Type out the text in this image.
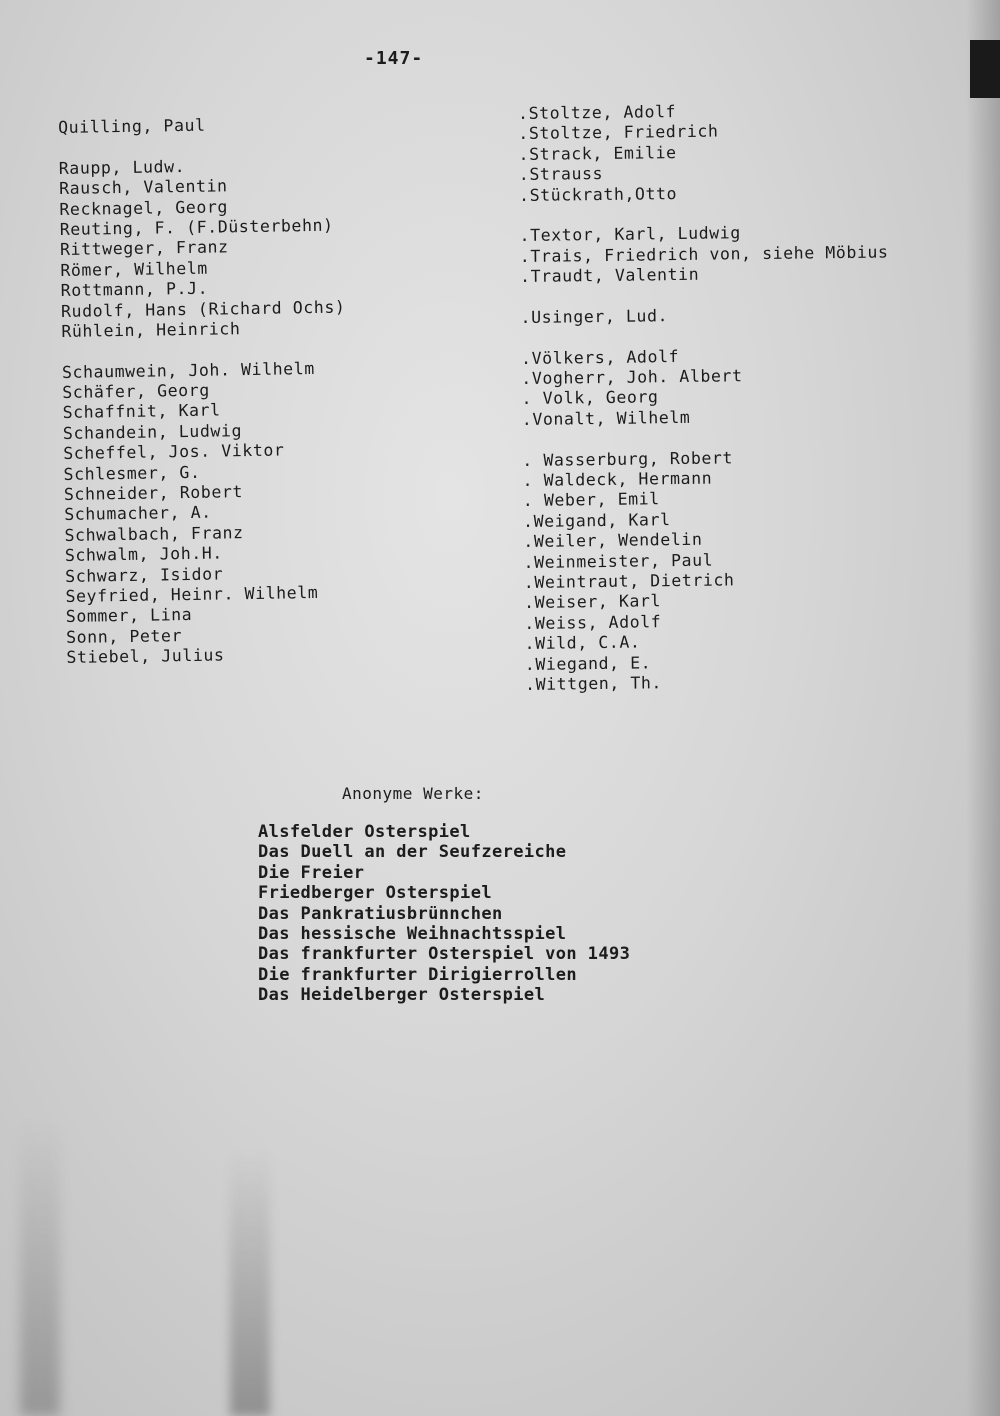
-147-
Quilling, Paul
Raupp, Ludw.
Rausch, Valentin
Recknagel, Georg
Reuting, F. (F.Düsterbehn)
Rittweger, Franz
Römer, Wilhelm
Rottmann, P.J.
Rudolf, Hans (Richard Ochs)
Rühlein, Heinrich
Schaumwein, Joh. Wilhelm
Schäfer, Georg
Schaffnit, Karl
Schandein, Ludwig
Scheffel, Jos. Viktor
Schlesmer, G.
Schneider, Robert
Schumacher, A.
Schwalbach, Franz
Schwalm, Joh.H.
Schwarz, Isidor
Seyfried, Heinr. Wilhelm
Sommer, Lina
Sonn, Peter
Stiebel, Julius
.Stoltze, Adolf
.Stoltze, Friedrich
.Strack, Emilie
.Strauss
.Stückrath,Otto
.Textor, Karl, Ludwig
.Trais, Friedrich von, siehe Möbius
.Traudt, Valentin
.Usinger, Lud.
.Völkers, Adolf
.Vogherr, Joh. Albert
. Volk, Georg
.Vonalt, Wilhelm
. Wasserburg, Robert
. Waldeck, Hermann
. Weber, Emil
.Weigand, Karl
.Weiler, Wendelin
.Weinmeister, Paul
.Weintraut, Dietrich
.Weiser, Karl
.Weiss, Adolf
.Wild, C.A.
.Wiegand, E.
.Wittgen, Th.
Anonyme Werke:
Alsfelder Osterspiel
Das Duell an der Seufzereiche
Die Freier
Friedberger Osterspiel
Das Pankratiusbrünnchen
Das hessische Weihnachtsspiel
Das frankfurter Osterspiel von 1493
Die frankfurter Dirigierrollen
Das Heidelberger Osterspiel
